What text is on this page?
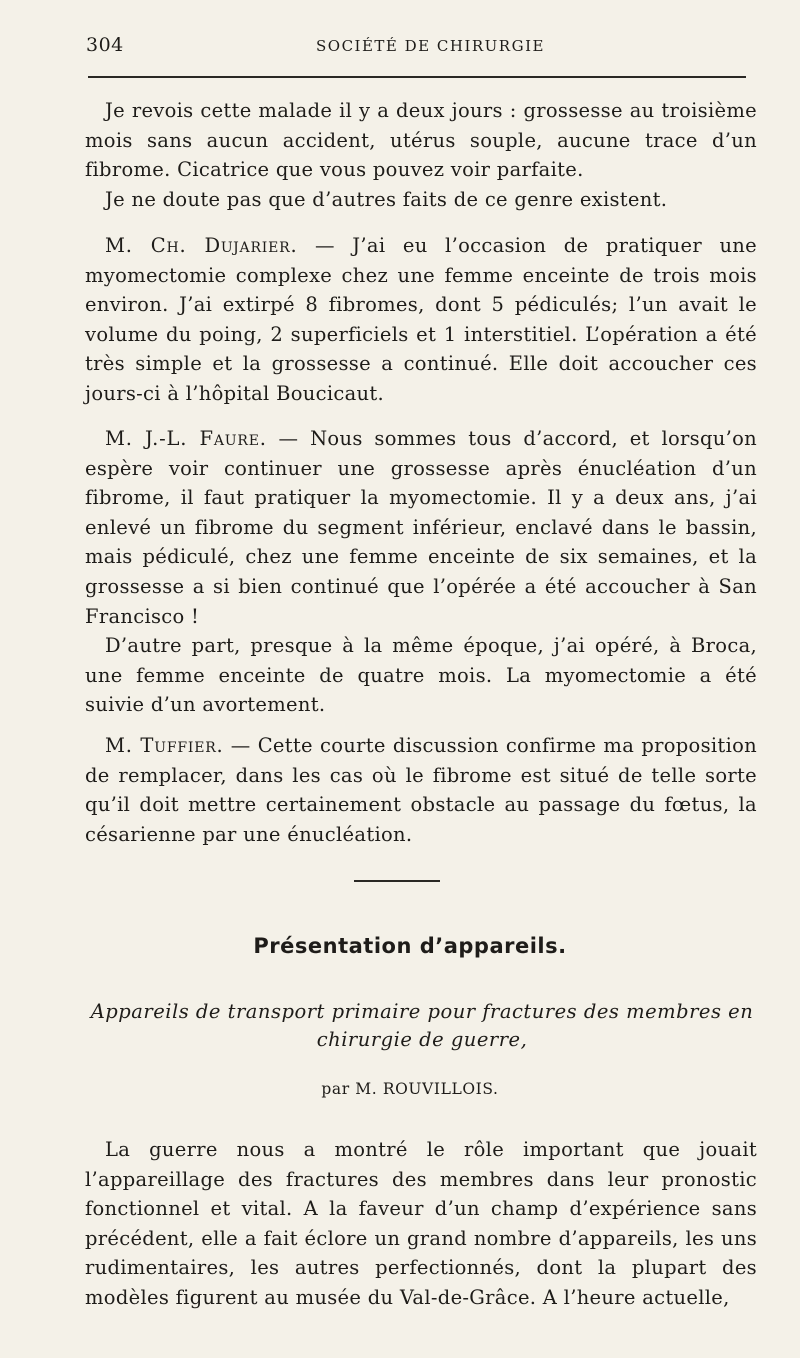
304	SOCIÉTÉ DE CHIRURGIE

Je revois cette malade il y a deux jours : grossesse au troisième mois sans aucun accident, utérus souple, aucune trace d’un fibrome. Cicatrice que vous pouvez voir parfaite.

Je ne doute pas que d’autres faits de ce genre existent.

M. Ch. Dujarier. — J’ai eu l’occasion de pratiquer une myomectomie complexe chez une femme enceinte de trois mois environ. J’ai extirpé 8 fibromes, dont 5 pédiculés; l’un avait le volume du poing, 2 superficiels et 1 interstitiel. L’opération a été très simple et la grossesse a continué. Elle doit accoucher ces jours-ci à l’hôpital Boucicaut.

M. J.-L. Faure. — Nous sommes tous d’accord, et lorsqu’on espère voir continuer une grossesse après énucléation d’un fibrome, il faut pratiquer la myomectomie. Il y a deux ans, j’ai enlevé un fibrome du segment inférieur, enclavé dans le bassin, mais pédiculé, chez une femme enceinte de six semaines, et la grossesse a si bien continué que l’opérée a été accoucher à San Francisco !

D’autre part, presque à la même époque, j’ai opéré, à Broca, une femme enceinte de quatre mois. La myomectomie a été suivie d’un avortement.

M. Tuffier. — Cette courte discussion confirme ma proposition de remplacer, dans les cas où le fibrome est situé de telle sorte qu’il doit mettre certainement obstacle au passage du fœtus, la césarienne par une énucléation.

Présentation d’appareils.
Appareils de transport primaire pour fractures des membres en chirurgie de guerre,
par M. ROUVILLOIS.

La guerre nous a montré le rôle important que jouait l’appareillage des fractures des membres dans leur pronostic fonctionnel et vital. A la faveur d’un champ d’expérience sans précédent, elle a fait éclore un grand nombre d’appareils, les uns rudimentaires, les autres perfectionnés, dont la plupart des modèles figurent au musée du Val-de-Grâce. A l’heure actuelle,
